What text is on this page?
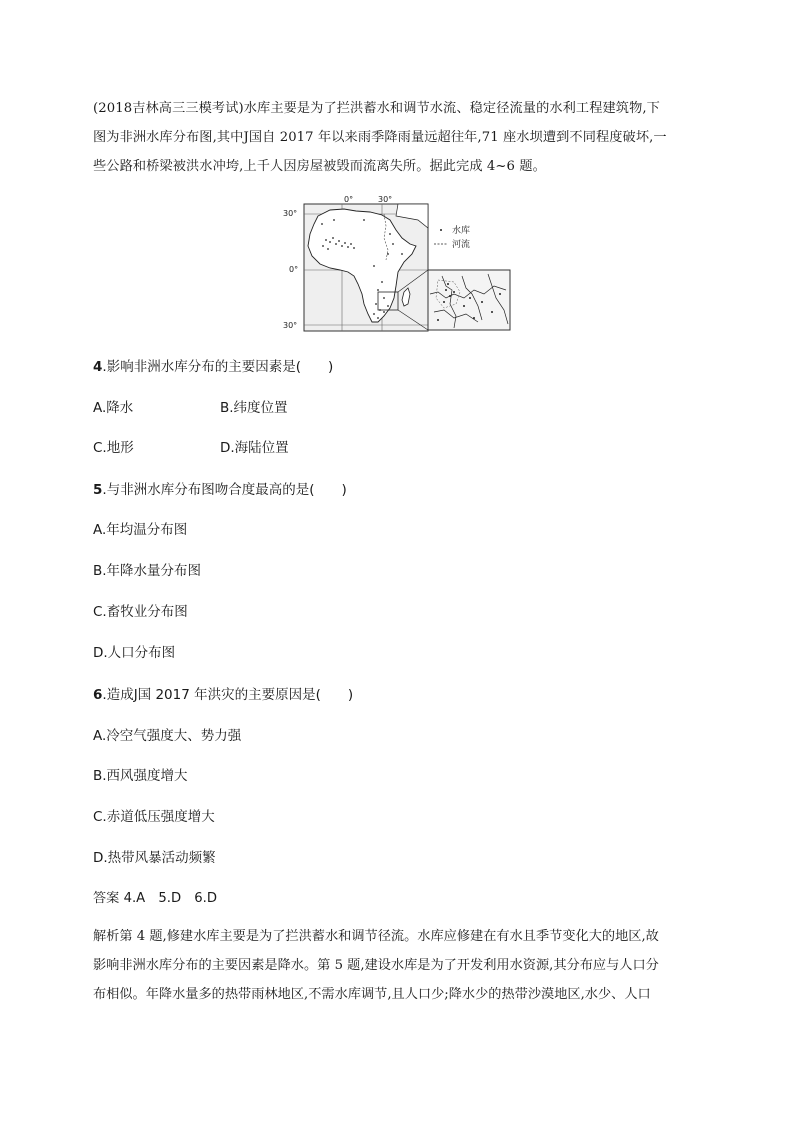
(2018吉林高三三模考试)水库主要是为了拦洪蓄水和调节水流、稳定径流量的水利工程建筑物,下

图为非洲水库分布图,其中J国自 2017 年以来雨季降雨量远超往年,71 座水坝遭到不同程度破坏,一

些公路和桥梁被洪水冲垮,上千人因房屋被毁而流离失所。据此完成 4~6 题。

0°	30°
30°
0°
30°
水库
河流
4.影响非洲水库分布的主要因素是(　　)
A.降水	B.纬度位置
C.地形	D.海陆位置
5.与非洲水库分布图吻合度最高的是(　　)
A.年均温分布图
B.年降水量分布图
C.畜牧业分布图
D.人口分布图
6.造成J国 2017 年洪灾的主要原因是(　　)
A.冷空气强度大、势力强
B.西风强度增大
C.赤道低压强度增大
D.热带风暴活动频繁
答案 4.A　5.D　6.D

解析第 4 题,修建水库主要是为了拦洪蓄水和调节径流。水库应修建在有水且季节变化大的地区,故

影响非洲水库分布的主要因素是降水。第 5 题,建设水库是为了开发利用水资源,其分布应与人口分

布相似。年降水量多的热带雨林地区,不需水库调节,且人口少;降水少的热带沙漠地区,水少、人口
